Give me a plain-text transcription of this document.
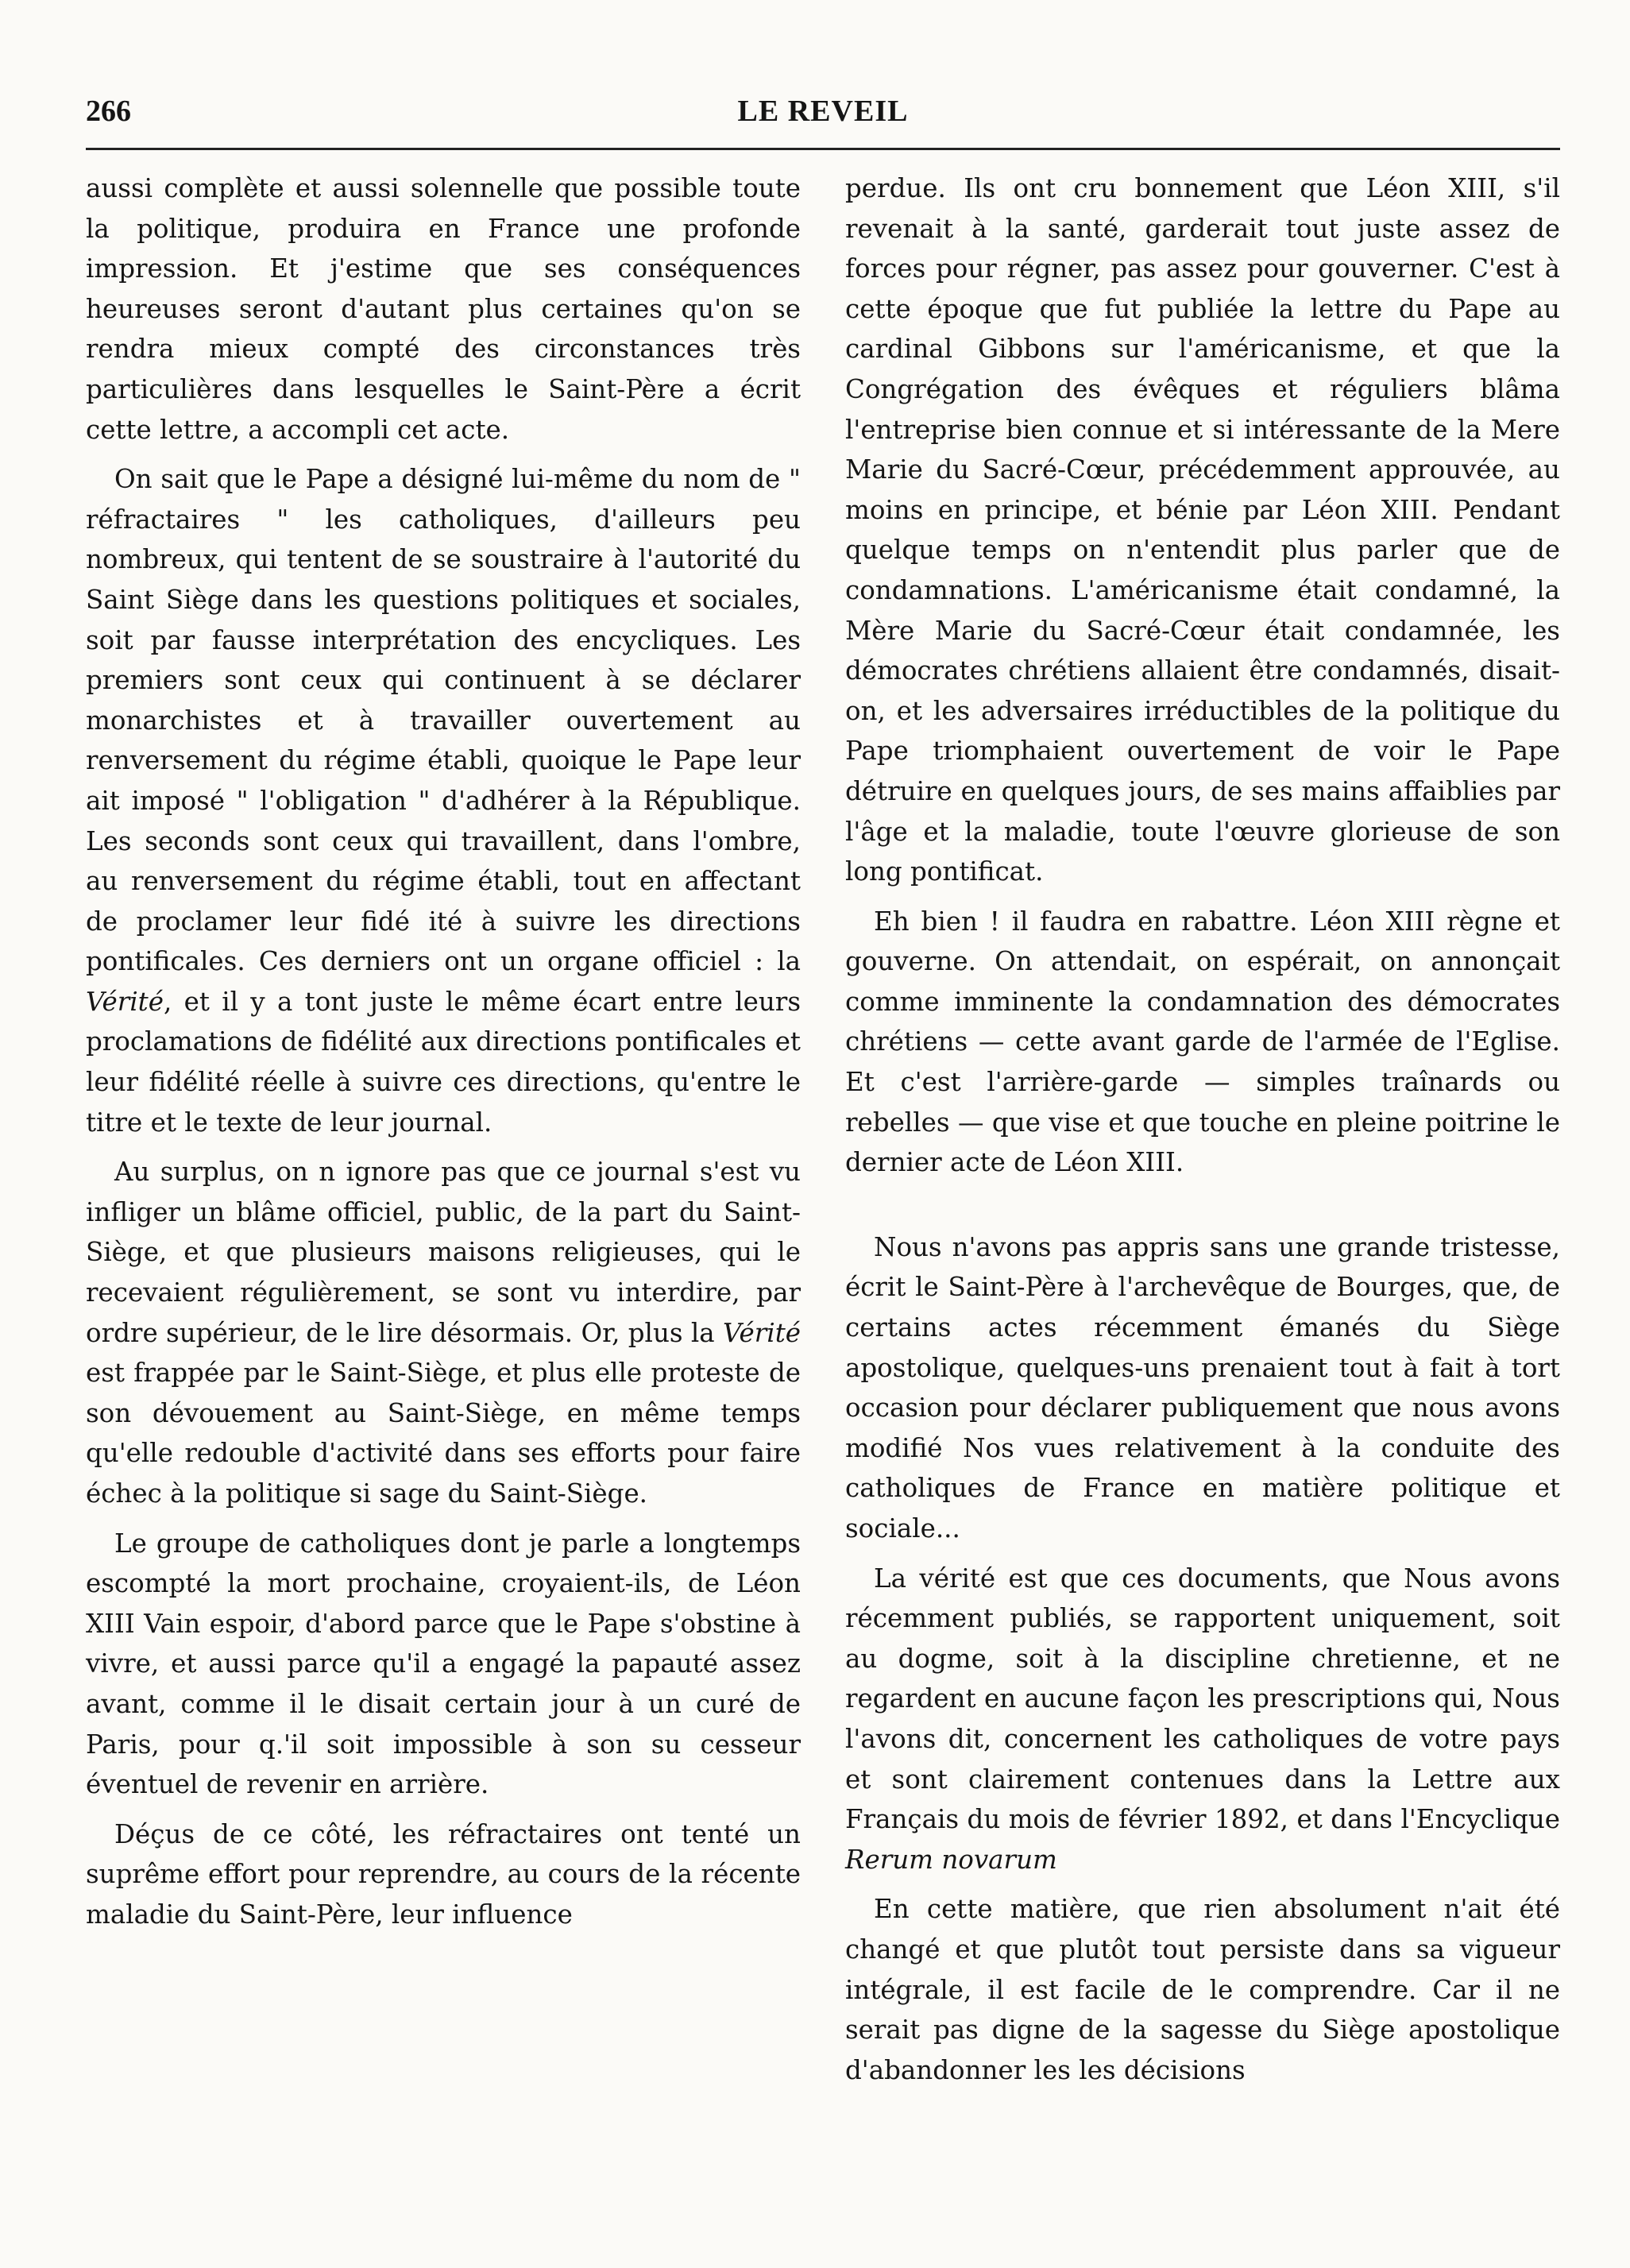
266	LE REVEIL

aussi complète et aussi solennelle que possible toute la politique, produira en France une profonde impression. Et j'estime que ses conséquences heureuses seront d'autant plus certaines qu'on se rendra mieux compté des circonstances très particulières dans lesquelles le Saint-Père a écrit cette lettre, a accompli cet acte.

On sait que le Pape a désigné lui-même du nom de " réfractaires " les catholiques, d'ailleurs peu nombreux, qui tentent de se soustraire à l'autorité du Saint Siège dans les questions politiques et sociales, soit par fausse interprétation des encycliques. Les premiers sont ceux qui continuent à se déclarer monarchistes et à travailler ouvertement au renversement du régime établi, quoique le Pape leur ait imposé " l'obligation " d'adhérer à la République. Les seconds sont ceux qui travaillent, dans l'ombre, au renversement du régime établi, tout en affectant de proclamer leur fidé ité à suivre les directions pontificales. Ces derniers ont un organe officiel : la Vérité, et il y a tont juste le même écart entre leurs proclamations de fidélité aux directions pontificales et leur fidélité réelle à suivre ces directions, qu'entre le titre et le texte de leur journal.

Au surplus, on n ignore pas que ce journal s'est vu infliger un blâme officiel, public, de la part du Saint-Siège, et que plusieurs maisons religieuses, qui le recevaient régulièrement, se sont vu interdire, par ordre supérieur, de le lire désormais. Or, plus la Vérité est frappée par le Saint-Siège, et plus elle proteste de son dévouement au Saint-Siège, en même temps qu'elle redouble d'activité dans ses efforts pour faire échec à la politique si sage du Saint-Siège.

Le groupe de catholiques dont je parle a longtemps escompté la mort prochaine, croyaient-ils, de Léon XIII Vain espoir, d'abord parce que le Pape s'obstine à vivre, et aussi parce qu'il a engagé la papauté assez avant, comme il le disait certain jour à un curé de Paris, pour q.'il soit impossible à son su cesseur éventuel de revenir en arrière.

Déçus de ce côté, les réfractaires ont tenté un suprême effort pour reprendre, au cours de la récente maladie du Saint-Père, leur influence

perdue. Ils ont cru bonnement que Léon XIII, s'il revenait à la santé, garderait tout juste assez de forces pour régner, pas assez pour gouverner. C'est à cette époque que fut publiée la lettre du Pape au cardinal Gibbons sur l'américanisme, et que la Congrégation des évêques et réguliers blâma l'entreprise bien connue et si intéressante de la Mere Marie du Sacré-Cœur, précédemment approuvée, au moins en principe, et bénie par Léon XIII. Pendant quelque temps on n'entendit plus parler que de condamnations. L'américanisme était condamné, la Mère Marie du Sacré-Cœur était condamnée, les démocrates chrétiens allaient être condamnés, disait-on, et les adversaires irréductibles de la politique du Pape triomphaient ouvertement de voir le Pape détruire en quelques jours, de ses mains affaiblies par l'âge et la maladie, toute l'œuvre glorieuse de son long pontificat.

Eh bien ! il faudra en rabattre. Léon XIII règne et gouverne. On attendait, on espérait, on annonçait comme imminente la condamnation des démocrates chrétiens — cette avant garde de l'armée de l'Eglise. Et c'est l'arrière-garde — simples traînards ou rebelles — que vise et que touche en pleine poitrine le dernier acte de Léon XIII.

Nous n'avons pas appris sans une grande tristesse, écrit le Saint-Père à l'archevêque de Bourges, que, de certains actes récemment émanés du Siège apostolique, quelques-uns prenaient tout à fait à tort occasion pour déclarer publiquement que nous avons modifié Nos vues relativement à la conduite des catholiques de France en matière politique et sociale...

La vérité est que ces documents, que Nous avons récemment publiés, se rapportent uniquement, soit au dogme, soit à la discipline chretienne, et ne regardent en aucune façon les prescriptions qui, Nous l'avons dit, concernent les catholiques de votre pays et sont clairement contenues dans la Lettre aux Français du mois de février 1892, et dans l'Encyclique Rerum novarum

En cette matière, que rien absolument n'ait été changé et que plutôt tout persiste dans sa vigueur intégrale, il est facile de le comprendre. Car il ne serait pas digne de la sagesse du Siège apostolique d'abandonner les les décisions
